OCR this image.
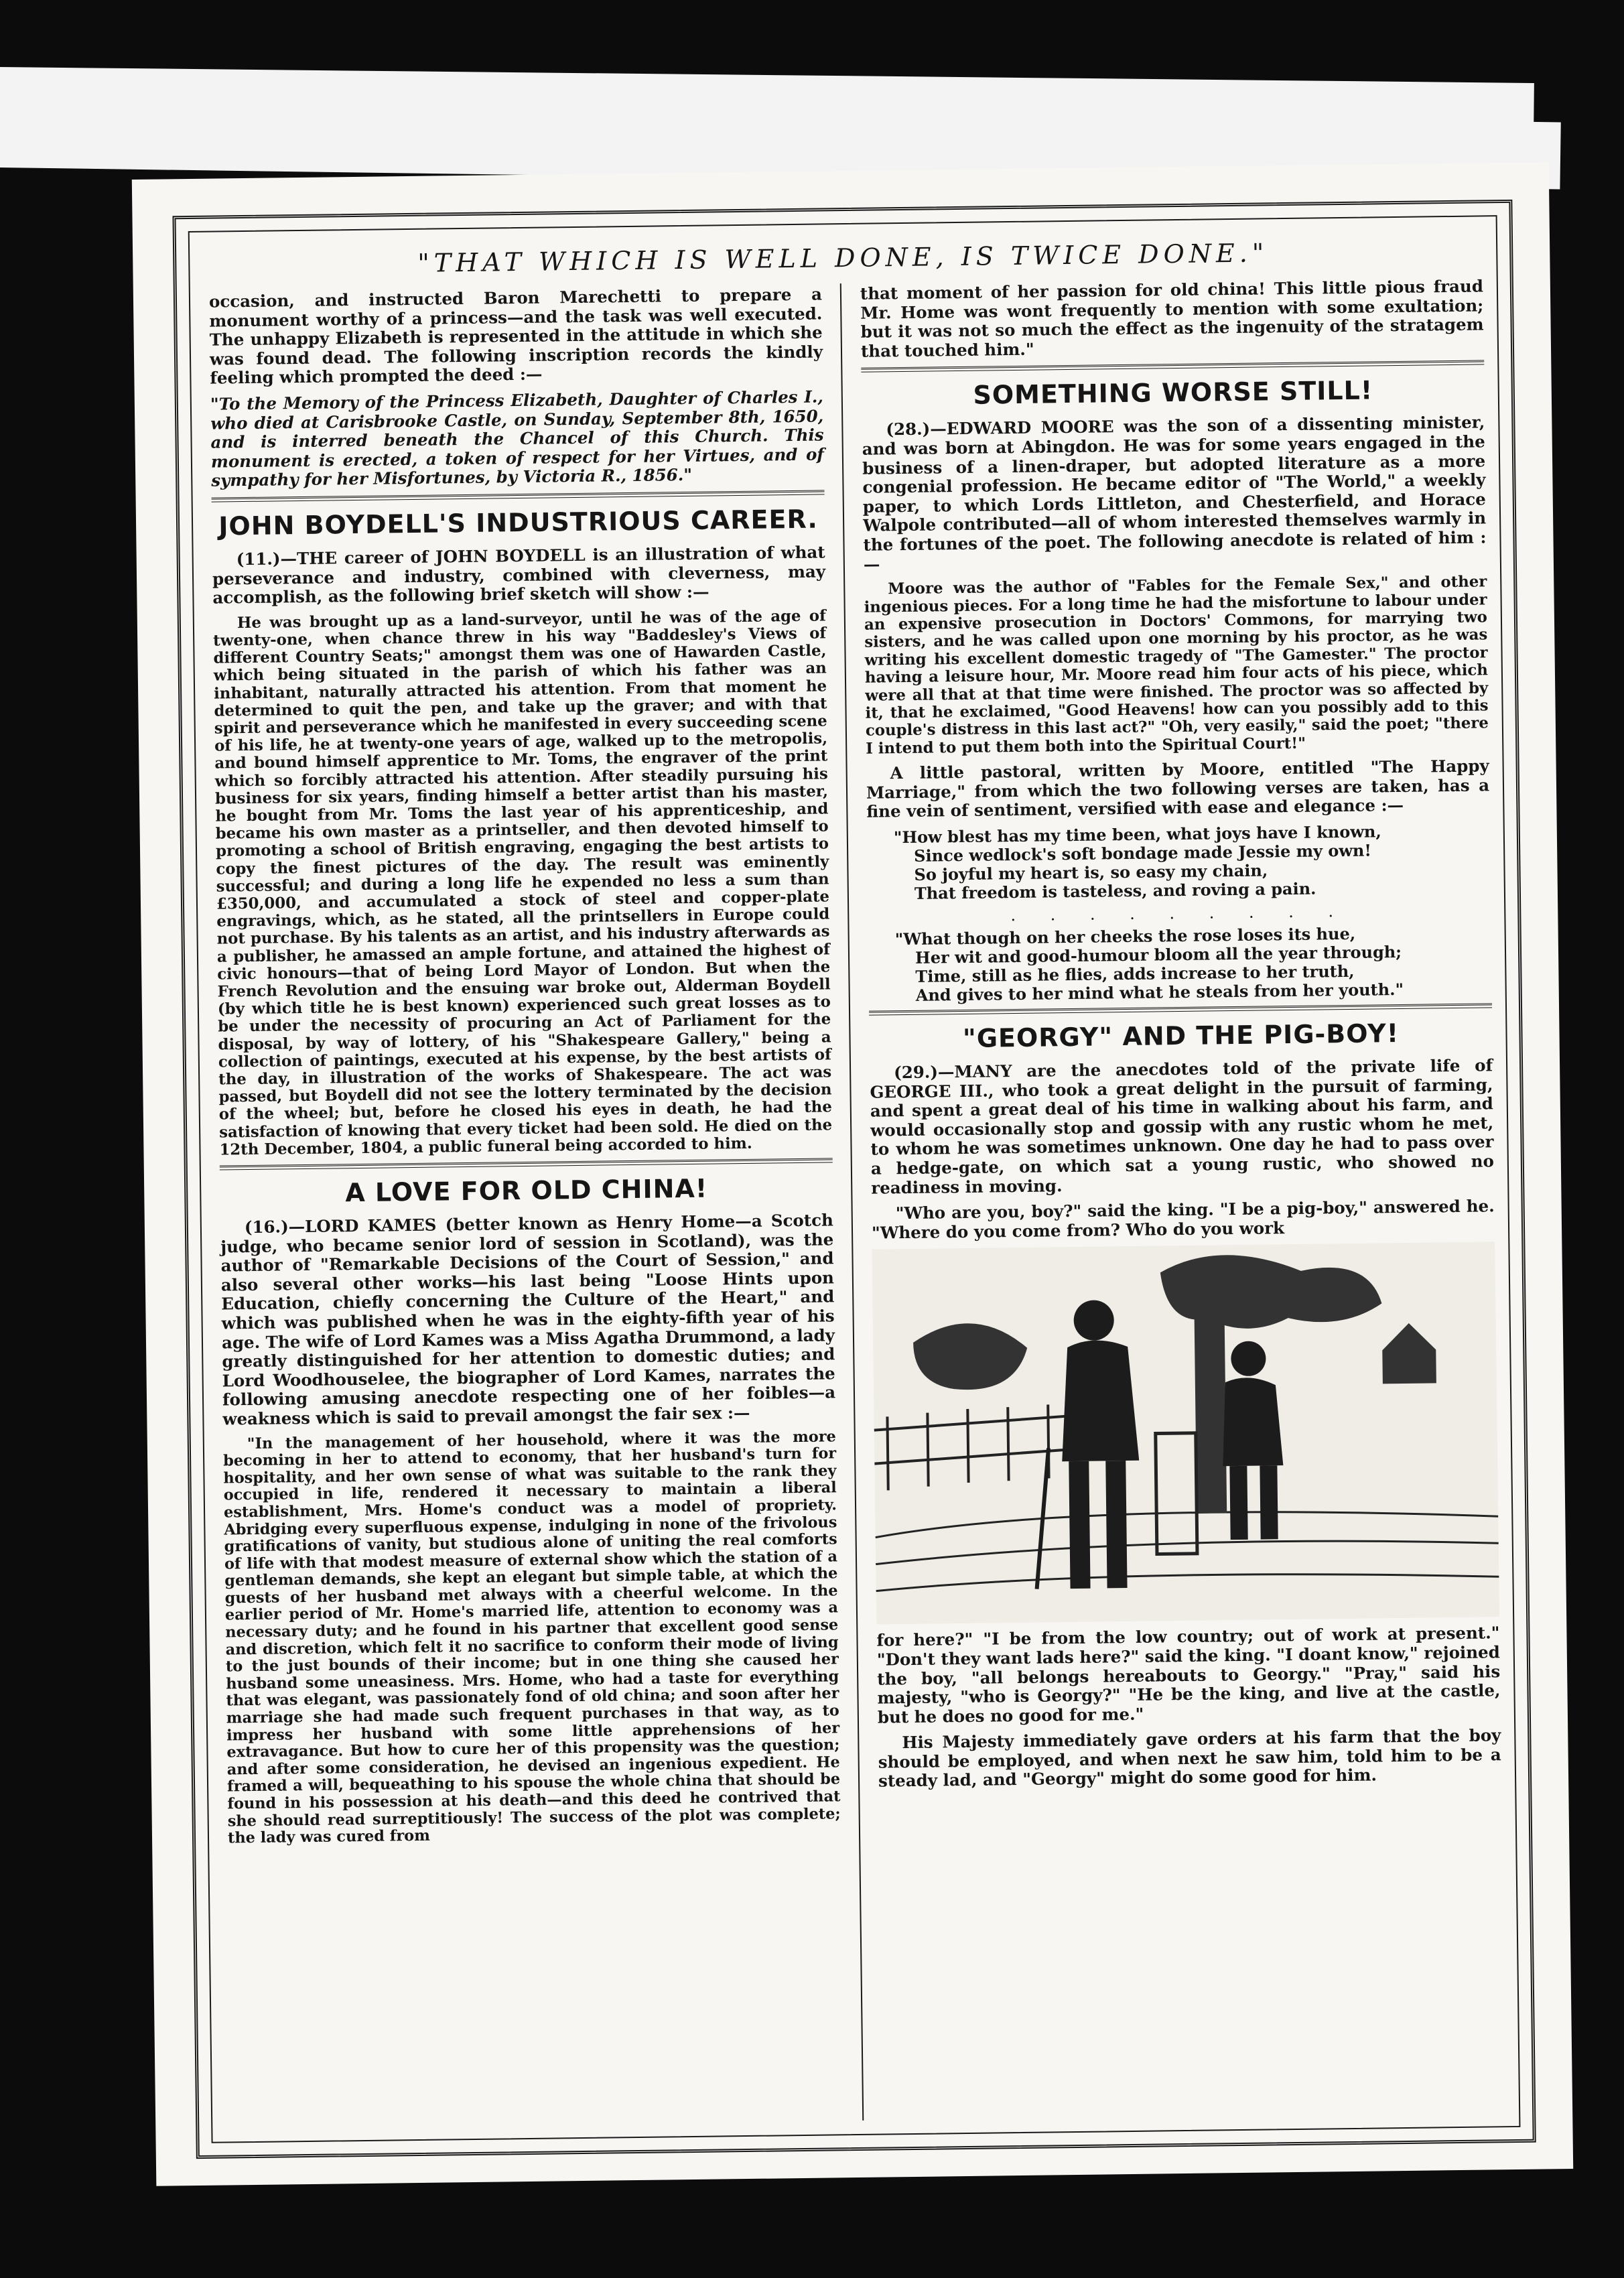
"THAT WHICH IS WELL DONE, IS TWICE DONE."

occasion, and instructed Baron Marechetti to prepare a monument worthy of a princess—and the task was well executed. The unhappy Elizabeth is represented in the attitude in which she was found dead. The following inscription records the kindly feeling which prompted the deed :—

"To the Memory of the Princess Elizabeth, Daughter of Charles I., who died at Carisbrooke Castle, on Sunday, September 8th, 1650, and is interred beneath the Chancel of this Church. This monument is erected, a token of respect for her Virtues, and of sympathy for her Misfortunes, by Victoria R., 1856."

JOHN BOYDELL'S INDUSTRIOUS CAREER.

(11.)—THE career of JOHN BOYDELL is an illustration of what perseverance and industry, combined with cleverness, may accomplish, as the following brief sketch will show :—

He was brought up as a land-surveyor, until he was of the age of twenty-one, when chance threw in his way "Baddesley's Views of different Country Seats;" amongst them was one of Hawarden Castle, which being situated in the parish of which his father was an inhabitant, naturally attracted his attention. From that moment he determined to quit the pen, and take up the graver; and with that spirit and perseverance which he manifested in every succeeding scene of his life, he at twenty-one years of age, walked up to the metropolis, and bound himself apprentice to Mr. Toms, the engraver of the print which so forcibly attracted his attention. After steadily pursuing his business for six years, finding himself a better artist than his master, he bought from Mr. Toms the last year of his apprenticeship, and became his own master as a printseller, and then devoted himself to promoting a school of British engraving, engaging the best artists to copy the finest pictures of the day. The result was eminently successful; and during a long life he expended no less a sum than £350,000, and accumulated a stock of steel and copper-plate engravings, which, as he stated, all the printsellers in Europe could not purchase. By his talents as an artist, and his industry afterwards as a publisher, he amassed an ample fortune, and attained the highest of civic honours—that of being Lord Mayor of London. But when the French Revolution and the ensuing war broke out, Alderman Boydell (by which title he is best known) experienced such great losses as to be under the necessity of procuring an Act of Parliament for the disposal, by way of lottery, of his "Shakespeare Gallery," being a collection of paintings, executed at his expense, by the best artists of the day, in illustration of the works of Shakespeare. The act was passed, but Boydell did not see the lottery terminated by the decision of the wheel; but, before he closed his eyes in death, he had the satisfaction of knowing that every ticket had been sold. He died on the 12th December, 1804, a public funeral being accorded to him.

A LOVE FOR OLD CHINA!

(16.)—LORD KAMES (better known as Henry Home—a Scotch judge, who became senior lord of session in Scotland), was the author of "Remarkable Decisions of the Court of Session," and also several other works—his last being "Loose Hints upon Education, chiefly concerning the Culture of the Heart," and which was published when he was in the eighty-fifth year of his age. The wife of Lord Kames was a Miss Agatha Drummond, a lady greatly distinguished for her attention to domestic duties; and Lord Woodhouselee, the biographer of Lord Kames, narrates the following amusing anecdote respecting one of her foibles—a weakness which is said to prevail amongst the fair sex :—

"In the management of her household, where it was the more becoming in her to attend to economy, that her husband's turn for hospitality, and her own sense of what was suitable to the rank they occupied in life, rendered it necessary to maintain a liberal establishment, Mrs. Home's conduct was a model of propriety. Abridging every superfluous expense, indulging in none of the frivolous gratifications of vanity, but studious alone of uniting the real comforts of life with that modest measure of external show which the station of a gentleman demands, she kept an elegant but simple table, at which the guests of her husband met always with a cheerful welcome. In the earlier period of Mr. Home's married life, attention to economy was a necessary duty; and he found in his partner that excellent good sense and discretion, which felt it no sacrifice to conform their mode of living to the just bounds of their income; but in one thing she caused her husband some uneasiness. Mrs. Home, who had a taste for everything that was elegant, was passionately fond of old china; and soon after her marriage she had made such frequent purchases in that way, as to impress her husband with some little apprehensions of her extravagance. But how to cure her of this propensity was the question; and after some consideration, he devised an ingenious expedient. He framed a will, bequeathing to his spouse the whole china that should be found in his possession at his death—and this deed he contrived that she should read surreptitiously! The success of the plot was complete; the lady was cured from

that moment of her passion for old china! This little pious fraud Mr. Home was wont frequently to mention with some exultation; but it was not so much the effect as the ingenuity of the stratagem that touched him."

SOMETHING WORSE STILL!

(28.)—EDWARD MOORE was the son of a dissenting minister, and was born at Abingdon. He was for some years engaged in the business of a linen-draper, but adopted literature as a more congenial profession. He became editor of "The World," a weekly paper, to which Lords Littleton, and Chesterfield, and Horace Walpole contributed—all of whom interested themselves warmly in the fortunes of the poet. The following anecdote is related of him :—

Moore was the author of "Fables for the Female Sex," and other ingenious pieces. For a long time he had the misfortune to labour under an expensive prosecution in Doctors' Commons, for marrying two sisters, and he was called upon one morning by his proctor, as he was writing his excellent domestic tragedy of "The Gamester." The proctor having a leisure hour, Mr. Moore read him four acts of his piece, which were all that at that time were finished. The proctor was so affected by it, that he exclaimed, "Good Heavens! how can you possibly add to this couple's distress in this last act?" "Oh, very easily," said the poet; "there I intend to put them both into the Spiritual Court!"

A little pastoral, written by Moore, entitled "The Happy Marriage," from which the two following verses are taken, has a fine vein of sentiment, versified with ease and elegance :—

"How blest has my time been, what joys have I known,
Since wedlock's soft bondage made Jessie my own!
So joyful my heart is, so easy my chain,
That freedom is tasteless, and roving a pain.
. . . . . . . . .
"What though on her cheeks the rose loses its hue,
Her wit and good-humour bloom all the year through;
Time, still as he flies, adds increase to her truth,
And gives to her mind what he steals from her youth."
"GEORGY" AND THE PIG-BOY!

(29.)—MANY are the anecdotes told of the private life of GEORGE III., who took a great delight in the pursuit of farming, and spent a great deal of his time in walking about his farm, and would occasionally stop and gossip with any rustic whom he met, to whom he was sometimes unknown. One day he had to pass over a hedge-gate, on which sat a young rustic, who showed no readiness in moving.

"Who are you, boy?" said the king. "I be a pig-boy," answered he. "Where do you come from? Who do you work

for here?" "I be from the low country; out of work at present." "Don't they want lads here?" said the king. "I doant know," rejoined the boy, "all belongs hereabouts to Georgy." "Pray," said his majesty, "who is Georgy?" "He be the king, and live at the castle, but he does no good for me."

His Majesty immediately gave orders at his farm that the boy should be employed, and when next he saw him, told him to be a steady lad, and "Georgy" might do some good for him.
